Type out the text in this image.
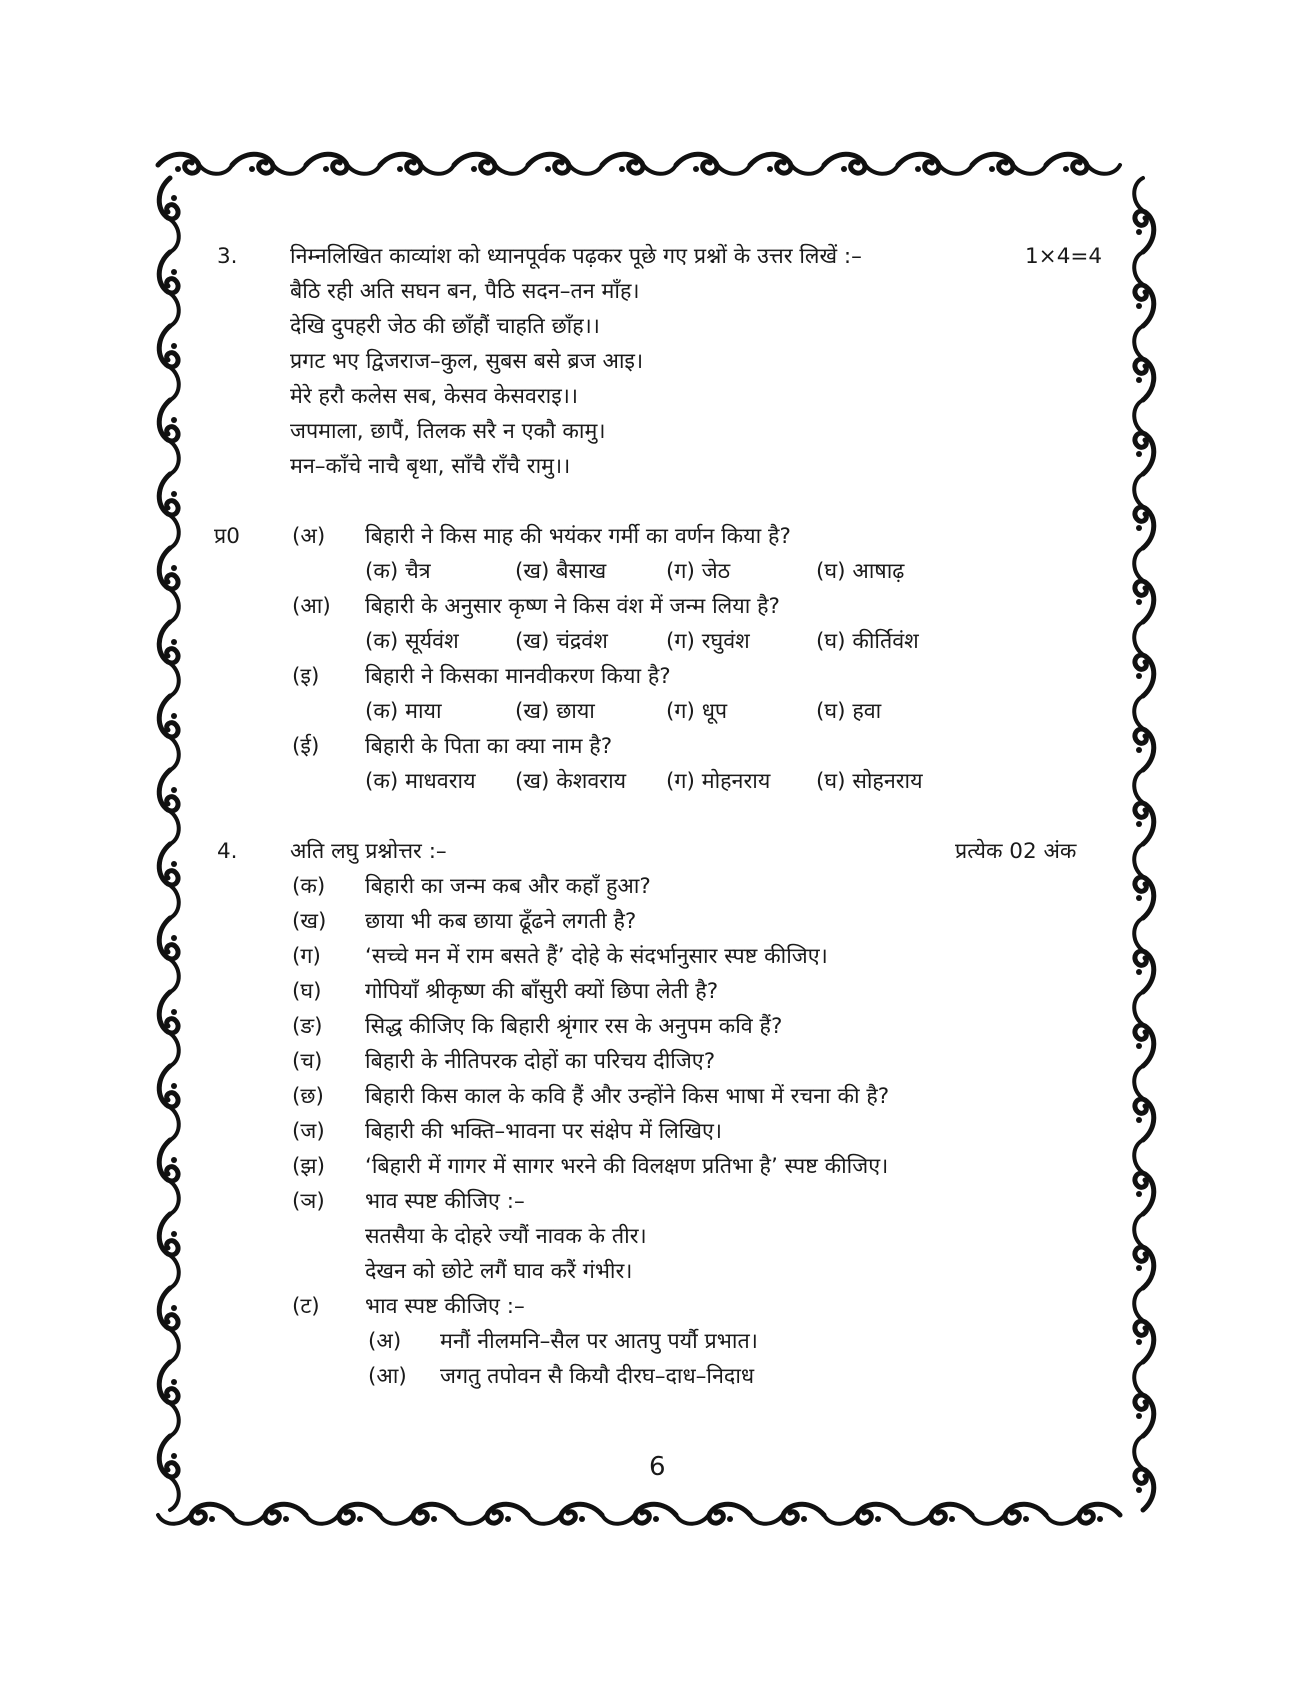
3. निम्नलिखित काव्यांश को ध्यानपूर्वक पढ़कर पूछे गए प्रश्नों के उत्तर लिखें :–	1×4=4
बैठि रही अति सघन बन, पैठि सदन–तन माँह।
देखि दुपहरी जेठ की छाँहौं चाहति छाँह।।
प्रगट भए द्विजराज–कुल, सुबस बसे ब्रज आइ।
मेरे हरौ कलेस सब, केसव केसवराइ।।
जपमाला, छापैं, तिलक सरै न एकौ कामु।
मन–काँचे नाचै बृथा, साँचै राँचै रामु।।
प्र0 (अ) बिहारी ने किस माह की भयंकर गर्मी का वर्णन किया है?
(क) चैत्र	(ख) बैसाख	(ग) जेठ	(घ) आषाढ़
(आ) बिहारी के अनुसार कृष्ण ने किस वंश में जन्म लिया है?
(क) सूर्यवंश	(ख) चंद्रवंश	(ग) रघुवंश	(घ) कीर्तिवंश
(इ) बिहारी ने किसका मानवीकरण किया है?
(क) माया	(ख) छाया	(ग) धूप	(घ) हवा
(ई) बिहारी के पिता का क्या नाम है?
(क) माधवराय (ख) केशवराय (ग) मोहनराय (घ) सोहनराय
4. अति लघु प्रश्नोत्तर :–	प्रत्येक 02 अंक
(क) बिहारी का जन्म कब और कहाँ हुआ?
(ख) छाया भी कब छाया ढूँढने लगती है?
(ग) ‘सच्चे मन में राम बसते हैं’ दोहे के संदर्भानुसार स्पष्ट कीजिए।
(घ) गोपियाँ श्रीकृष्ण की बाँसुरी क्यों छिपा लेती है?
(ङ) सिद्ध कीजिए कि बिहारी श्रृंगार रस के अनुपम कवि हैं?
(च) बिहारी के नीतिपरक दोहों का परिचय दीजिए?
(छ) बिहारी किस काल के कवि हैं और उन्होंने किस भाषा में रचना की है?
(ज) बिहारी की भक्ति–भावना पर संक्षेप में लिखिए।
(झ) ‘बिहारी में गागर में सागर भरने की विलक्षण प्रतिभा है’ स्पष्ट कीजिए।
(ञ) भाव स्पष्ट कीजिए :–
सतसैया के दोहरे ज्यौं नावक के तीर।
देखन को छोटे लगैं घाव करैं गंभीर।
(ट) भाव स्पष्ट कीजिए :–
(अ) मनौं नीलमनि–सैल पर आतपु पर्यौ प्रभात।
(आ) जगतु तपोवन सै कियौ दीरघ–दाध–निदाध
6
